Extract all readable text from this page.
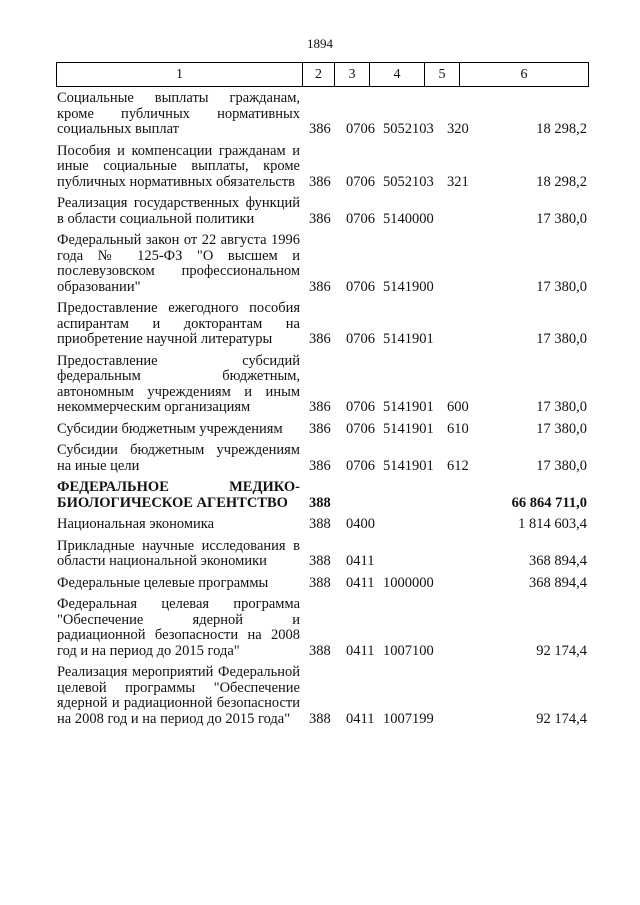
1894
1	2	3	4	5	6
Социальные выплаты гражданам, кроме публичных нормативных социальных выплат	386 0706 5052103 320	18 298,2
Пособия и компенсации гражданам и иные социальные выплаты, кроме публичных нормативных обязательств 386 0706 5052103 321	18 298,2
Реализация государственных функций в области социальной политики	386 0706 5140000	17 380,0
Федеральный закон от 22 августа 1996 года № 125-ФЗ "О высшем и послевузовском профессиональном образовании"	386 0706 5141900	17 380,0
Предоставление ежегодного пособия аспирантам и докторантам на приобретение научной литературы	386 0706 5141901	17 380,0
Предоставление субсидий федеральным бюджетным, автономным учреждениям и иным некоммерческим организациям	386 0706 5141901 600	17 380,0
Субсидии бюджетным учреждениям	386 0706 5141901 610	17 380,0
Субсидии бюджетным учреждениям на иные цели	386 0706 5141901 612	17 380,0
ФЕДЕРАЛЬНОЕ МЕДИКО-БИОЛОГИЧЕСКОЕ АГЕНТСТВО	388	66 864 711,0
Национальная экономика	388 0400	1 814 603,4
Прикладные научные исследования в области национальной экономики	388 0411	368 894,4
Федеральные целевые программы	388 0411 1000000	368 894,4
Федеральная целевая программа "Обеспечение ядерной и радиационной безопасности на 2008 год и на период до 2015 года"	388 0411 1007100	92 174,4
Реализация мероприятий Федеральной целевой программы "Обеспечение ядерной и радиационной безопасности на 2008 год и на период до 2015 года"	388 0411 1007199	92 174,4
